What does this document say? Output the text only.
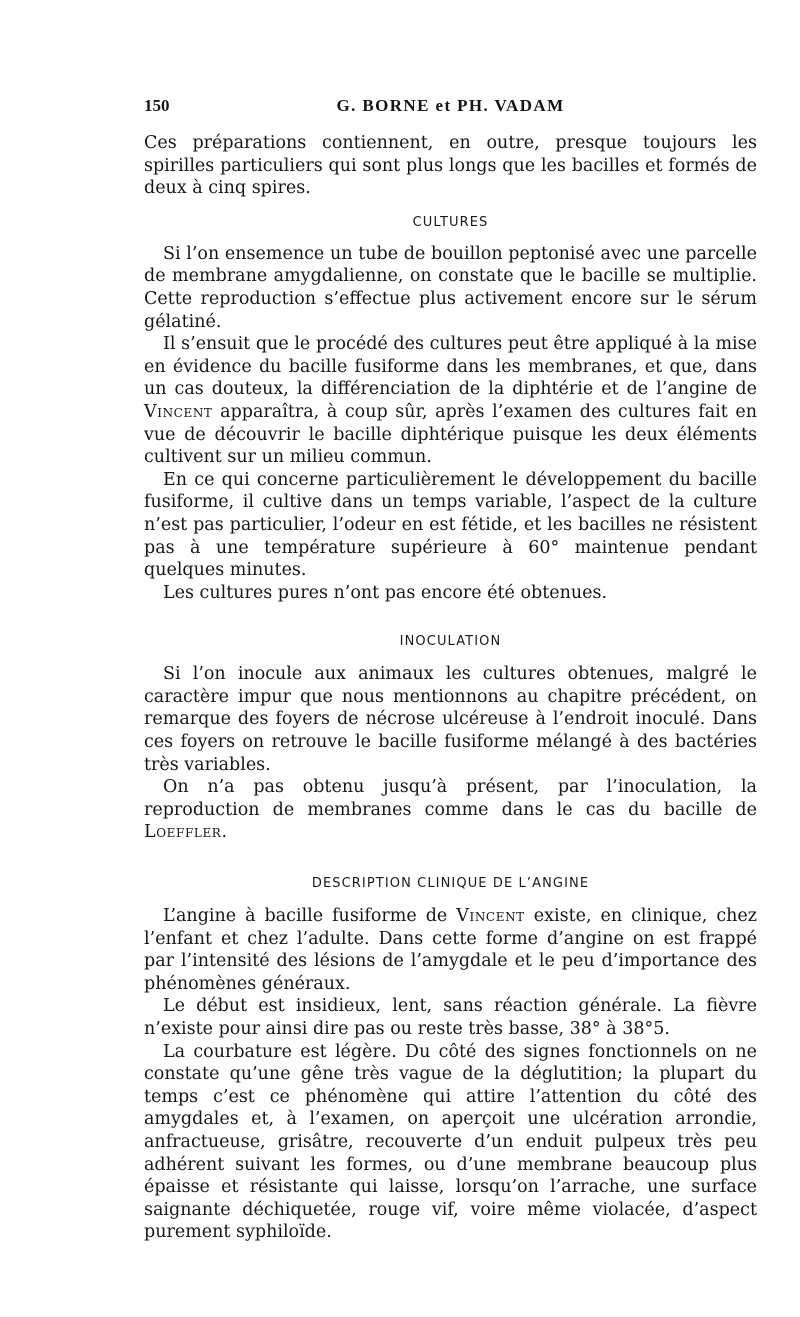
150	G. BORNE et PH. VADAM

Ces préparations contiennent, en outre, presque toujours les spirilles particuliers qui sont plus longs que les bacilles et formés de deux à cinq spires.

CULTURES

Si l’on ensemence un tube de bouillon peptonisé avec une parcelle de membrane amygdalienne, on constate que le bacille se multiplie. Cette reproduction s’effectue plus activement encore sur le sérum gélatiné.

Il s’ensuit que le procédé des cultures peut être appliqué à la mise en évidence du bacille fusiforme dans les membranes, et que, dans un cas douteux, la différenciation de la diphtérie et de l’angine de Vincent apparaîtra, à coup sûr, après l’examen des cultures fait en vue de découvrir le bacille diphtérique puisque les deux éléments cultivent sur un milieu commun.

En ce qui concerne particulièrement le développement du bacille fusiforme, il cultive dans un temps variable, l’aspect de la culture n’est pas particulier, l’odeur en est fétide, et les bacilles ne résistent pas à une température supérieure à 60° maintenue pendant quelques minutes.

Les cultures pures n’ont pas encore été obtenues.

INOCULATION

Si l’on inocule aux animaux les cultures obtenues, malgré le caractère impur que nous mentionnons au chapitre précédent, on remarque des foyers de nécrose ulcéreuse à l’endroit inoculé. Dans ces foyers on retrouve le bacille fusiforme mélangé à des bactéries très variables.

On n’a pas obtenu jusqu’à présent, par l’inoculation, la reproduction de membranes comme dans le cas du bacille de Loeffler.

DESCRIPTION CLINIQUE DE L’ANGINE

L’angine à bacille fusiforme de Vincent existe, en clinique, chez l’enfant et chez l’adulte. Dans cette forme d’angine on est frappé par l’intensité des lésions de l’amygdale et le peu d’importance des phénomènes généraux.

Le début est insidieux, lent, sans réaction générale. La fièvre n’existe pour ainsi dire pas ou reste très basse, 38° à 38°5.

La courbature est légère. Du côté des signes fonctionnels on ne constate qu’une gêne très vague de la déglutition; la plupart du temps c’est ce phénomène qui attire l’attention du côté des amygdales et, à l’examen, on aperçoit une ulcération arrondie, anfractueuse, grisâtre, recouverte d’un enduit pulpeux très peu adhérent suivant les formes, ou d’une membrane beaucoup plus épaisse et résistante qui laisse, lorsqu’on l’arrache, une surface saignante déchiquetée, rouge vif, voire même violacée, d’aspect purement syphiloïde.
